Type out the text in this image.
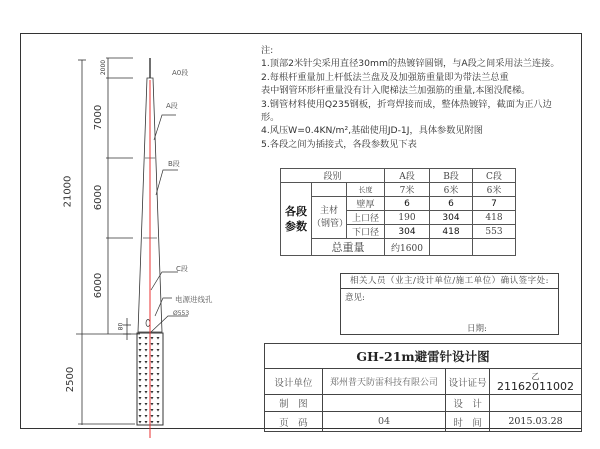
21000
2000
7000
6000
6000
80
2500
A0段
A段
B段
C段
电源进线孔
Ø553
注:
1.顶部2米针尖采用直径30mm的热镀锌圆钢，与A段之间采用法兰连接。
2.每根杆重量加上杆低法兰盘及及加强筋重量即为带法兰总重
表中钢管环形杆重量没有计入爬梯法兰加强筋的重量,本图没爬梯。
3.钢管材料使用Q235钢板，折弯焊接而成，整体热镀锌，截面为正八边
形。
4.风压W=0.4KN/m²,基础使用JD-1J，具体参数见附图
5.各段之间为插接式，各段参数见下表
段别			A段	B段	C段
各段参数		长度	7米	6米	6米
	主材（钢管）	壁厚	6	6	7
		上口径	190	304	418
		下口径	304	418	553
	总重量		约1600		
相关人员（业主/设计单位/施工单位）确认签字处:
意见:
日期:
GH-21m避雷针设计图			
设计单位	郑州普天防雷科技有限公司	设计证号	乙
21162011002
制　图		设　计	
页　码	04	时　间	2015.03.28
